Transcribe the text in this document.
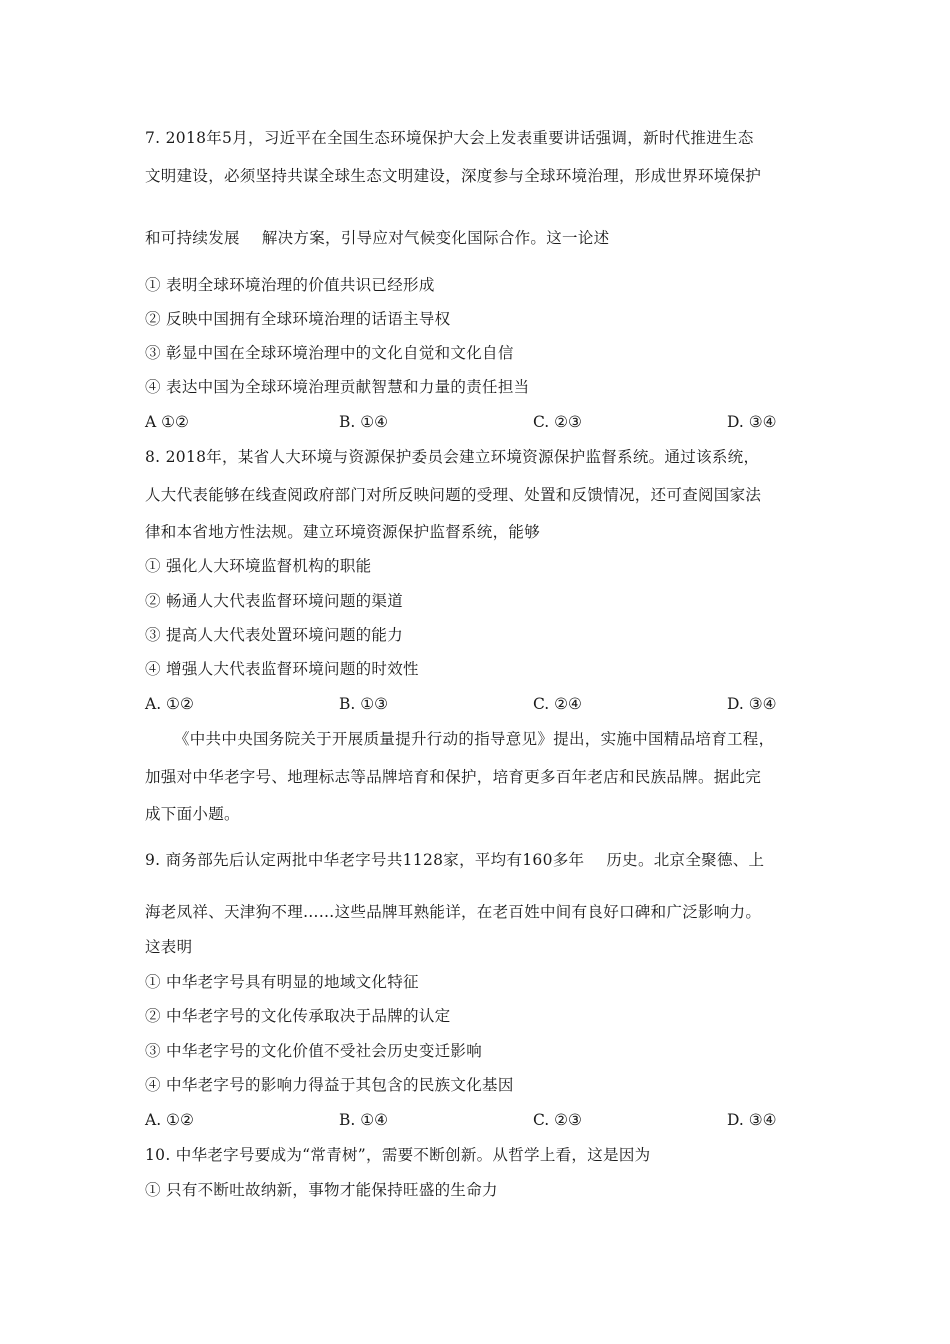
7. 2018年5月，习近平在全国生态环境保护大会上发表重要讲话强调，新时代推进生态
文明建设，必须坚持共谋全球生态文明建设，深度参与全球环境治理，形成世界环境保护
和可持续发展 解决方案，引导应对气候变化国际合作。这一论述
① 表明全球环境治理的价值共识已经形成
② 反映中国拥有全球环境治理的话语主导权
③ 彰显中国在全球环境治理中的文化自觉和文化自信
④ 表达中国为全球环境治理贡献智慧和力量的责任担当
A ①②	B. ①④	C. ②③	D. ③④
8. 2018年，某省人大环境与资源保护委员会建立环境资源保护监督系统。通过该系统，
人大代表能够在线查阅政府部门对所反映问题的受理、处置和反馈情况，还可查阅国家法
律和本省地方性法规。建立环境资源保护监督系统，能够
① 强化人大环境监督机构的职能
② 畅通人大代表监督环境问题的渠道
③ 提高人大代表处置环境问题的能力
④ 增强人大代表监督环境问题的时效性
A. ①②	B. ①③	C. ②④	D. ③④
《中共中央国务院关于开展质量提升行动的指导意见》提出，实施中国精品培育工程，
加强对中华老字号、地理标志等品牌培育和保护，培育更多百年老店和民族品牌。据此完
成下面小题。
9. 商务部先后认定两批中华老字号共1128家，平均有160多年 历史。北京全聚德、上
海老凤祥、天津狗不理……这些品牌耳熟能详，在老百姓中间有良好口碑和广泛影响力。
这表明
① 中华老字号具有明显的地域文化特征
② 中华老字号的文化传承取决于品牌的认定
③ 中华老字号的文化价值不受社会历史变迁影响
④ 中华老字号的影响力得益于其包含的民族文化基因
A. ①②	B. ①④	C. ②③	D. ③④
10. 中华老字号要成为“常青树”，需要不断创新。从哲学上看，这是因为
① 只有不断吐故纳新，事物才能保持旺盛的生命力
